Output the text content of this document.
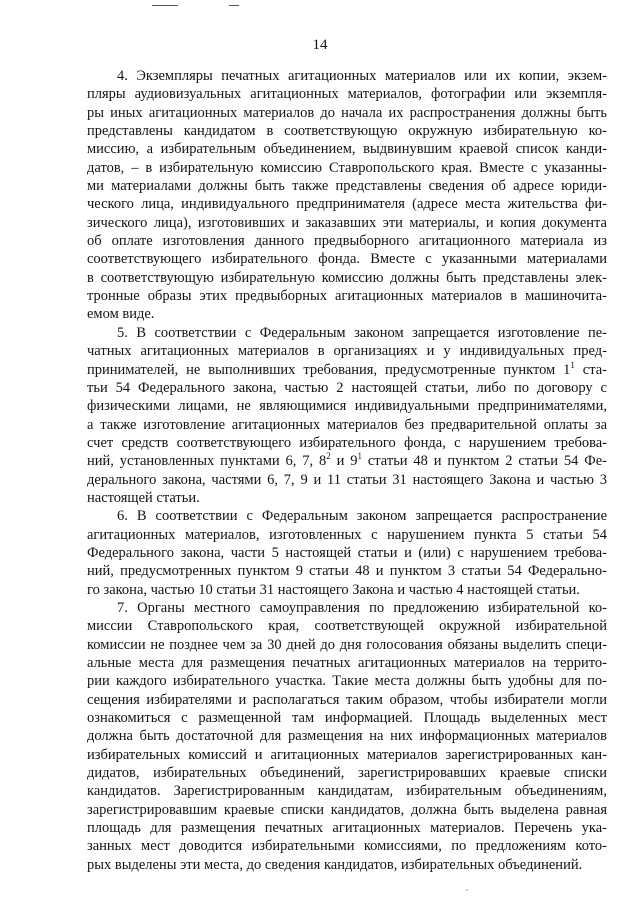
14
4. Экземпляры печатных агитационных материалов или их копии, экзем-
пляры аудиовизуальных агитационных материалов, фотографии или экземпля-
ры иных агитационных материалов до начала их распространения должны быть
представлены кандидатом в соответствующую окружную избирательную ко-
миссию, а избирательным объединением, выдвинувшим краевой список канди-
датов, – в избирательную комиссию Ставропольского края. Вместе с указанны-
ми материалами должны быть также представлены сведения об адресе юриди-
ческого лица, индивидуального предпринимателя (адресе места жительства фи-
зического лица), изготовивших и заказавших эти материалы, и копия документа
об оплате изготовления данного предвыборного агитационного материала из
соответствующего избирательного фонда. Вместе с указанными материалами
в соответствующую избирательную комиссию должны быть представлены элек-
тронные образы этих предвыборных агитационных материалов в машиночита-
емом виде.
5. В соответствии с Федеральным законом запрещается изготовление пе-
чатных агитационных материалов в организациях и у индивидуальных пред-
принимателей, не выполнивших требования, предусмотренные пунктом $1^1$ ста-
тьи 54 Федерального закона, частью 2 настоящей статьи, либо по договору с
физическими лицами, не являющимися индивидуальными предпринимателями,
а также изготовление агитационных материалов без предварительной оплаты за
счет средств соответствующего избирательного фонда, с нарушением требова-
ний, установленных пунктами 6, 7, $8^2$ и $9^1$ статьи 48 и пунктом 2 статьи 54 Фе-
дерального закона, частями 6, 7, 9 и 11 статьи 31 настоящего Закона и частью 3
настоящей статьи.
6. В соответствии с Федеральным законом запрещается распространение
агитационных материалов, изготовленных с нарушением пункта 5 статьи 54
Федерального закона, части 5 настоящей статьи и (или) с нарушением требова-
ний, предусмотренных пунктом 9 статьи 48 и пунктом 3 статьи 54 Федерально-
го закона, частью 10 статьи 31 настоящего Закона и частью 4 настоящей статьи.
7. Органы местного самоуправления по предложению избирательной ко-
миссии Ставропольского края, соответствующей окружной избирательной
комиссии не позднее чем за 30 дней до дня голосования обязаны выделить специ-
альные места для размещения печатных агитационных материалов на террито-
рии каждого избирательного участка. Такие места должны быть удобны для по-
сещения избирателями и располагаться таким образом, чтобы избиратели могли
ознакомиться с размещенной там информацией. Площадь выделенных мест
должна быть достаточной для размещения на них информационных материалов
избирательных комиссий и агитационных материалов зарегистрированных кан-
дидатов, избирательных объединений, зарегистрировавших краевые списки
кандидатов. Зарегистрированным кандидатам, избирательным объединениям,
зарегистрировавшим краевые списки кандидатов, должна быть выделена равная
площадь для размещения печатных агитационных материалов. Перечень ука-
занных мест доводится избирательными комиссиями, по предложениям кото-
рых выделены эти места, до сведения кандидатов, избирательных объединений.
